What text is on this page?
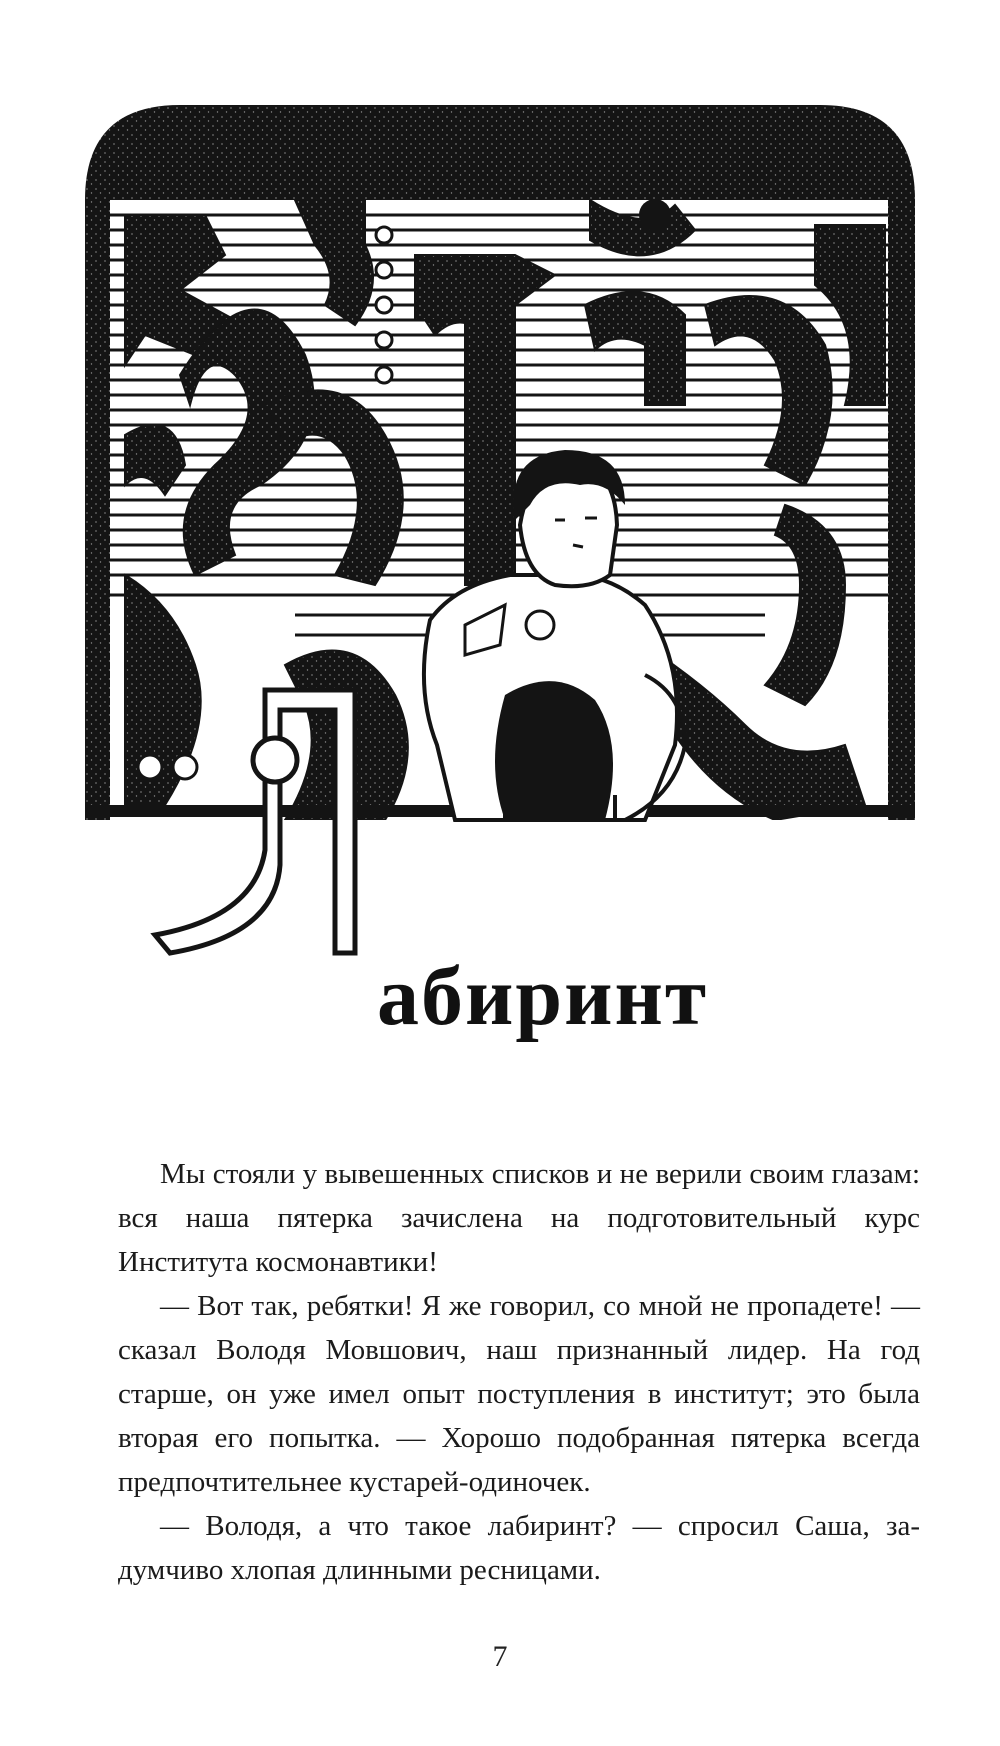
абиринт

Мы стояли у вывешенных списков и не верили своим глазам: вся наша пятерка зачислена на подготовительный курс Института космонавтики!

— Вот так, ребятки! Я же говорил, со мной не пропадете! — сказал Володя Мовшович, наш признанный лидер. На год старше, он уже имел опыт поступления в институт; это была вторая его попытка. — Хорошо подобранная пятерка всегда предпочтительнее кустарей-одиночек.

— Володя, а что такое лабиринт? — спросил Саша, задумчиво хлопая длинными ресницами.

7
